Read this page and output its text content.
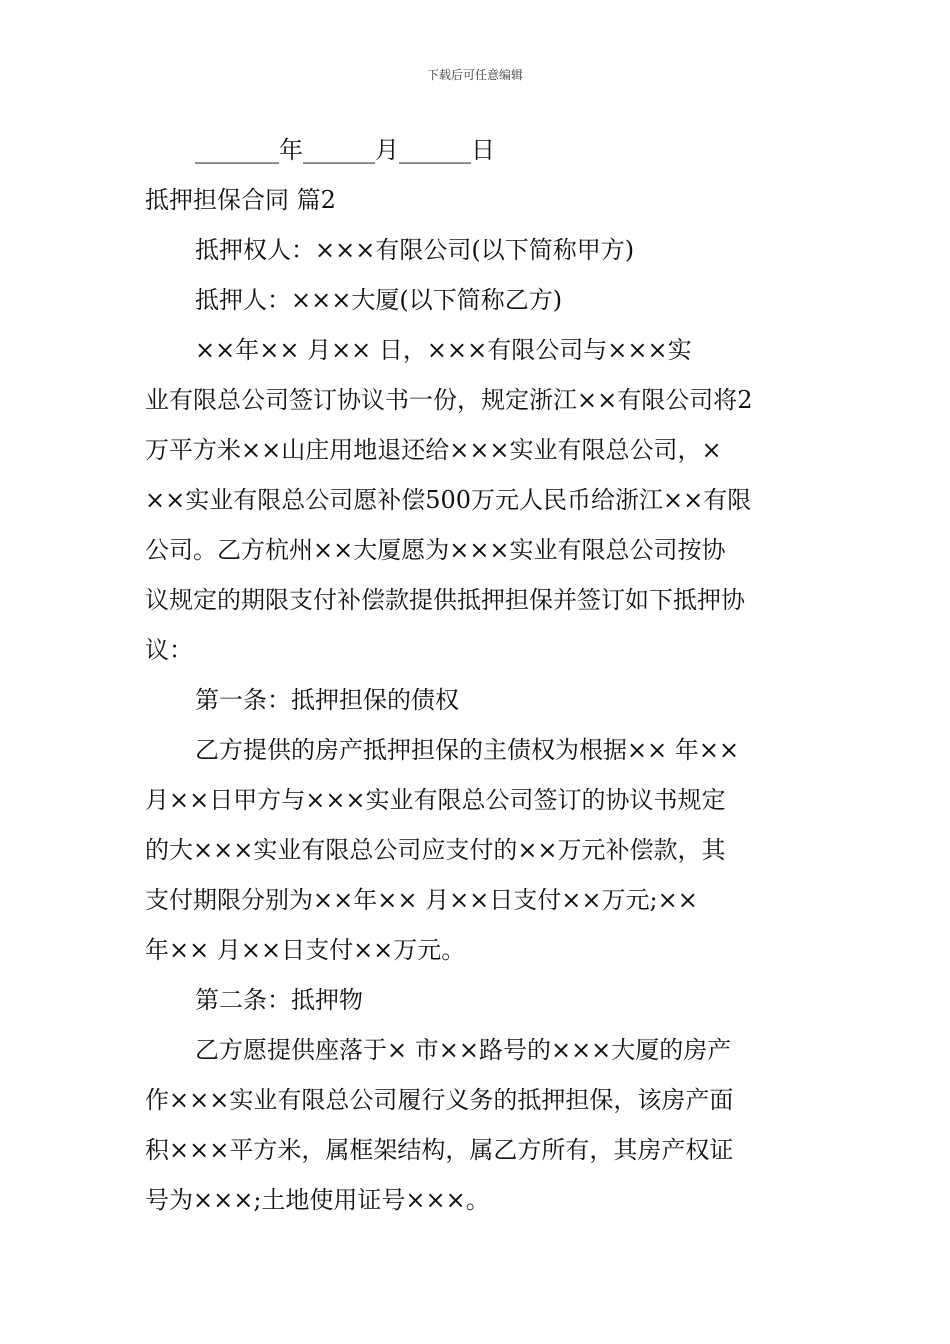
下载后可任意编辑
_______年______月______日
抵押担保合同 篇2
抵押权人：×××有限公司(以下简称甲方)
抵押人：×××大厦(以下简称乙方)
××年×× 月×× 日，×××有限公司与×××实
业有限总公司签订协议书一份，规定浙江××有限公司将2
万平方米××山庄用地退还给×××实业有限总公司，×
××实业有限总公司愿补偿500万元人民币给浙江××有限
公司。乙方杭州××大厦愿为×××实业有限总公司按协
议规定的期限支付补偿款提供抵押担保并签订如下抵押协
议：
第一条：抵押担保的债权
乙方提供的房产抵押担保的主债权为根据×× 年××
月××日甲方与×××实业有限总公司签订的协议书规定
的大×××实业有限总公司应支付的××万元补偿款，其
支付期限分别为××年×× 月××日支付××万元;××
年×× 月××日支付××万元。
第二条：抵押物
乙方愿提供座落于× 市××路号的×××大厦的房产
作×××实业有限总公司履行义务的抵押担保，该房产面
积×××平方米，属框架结构，属乙方所有，其房产权证
号为×××;土地使用证号×××。
